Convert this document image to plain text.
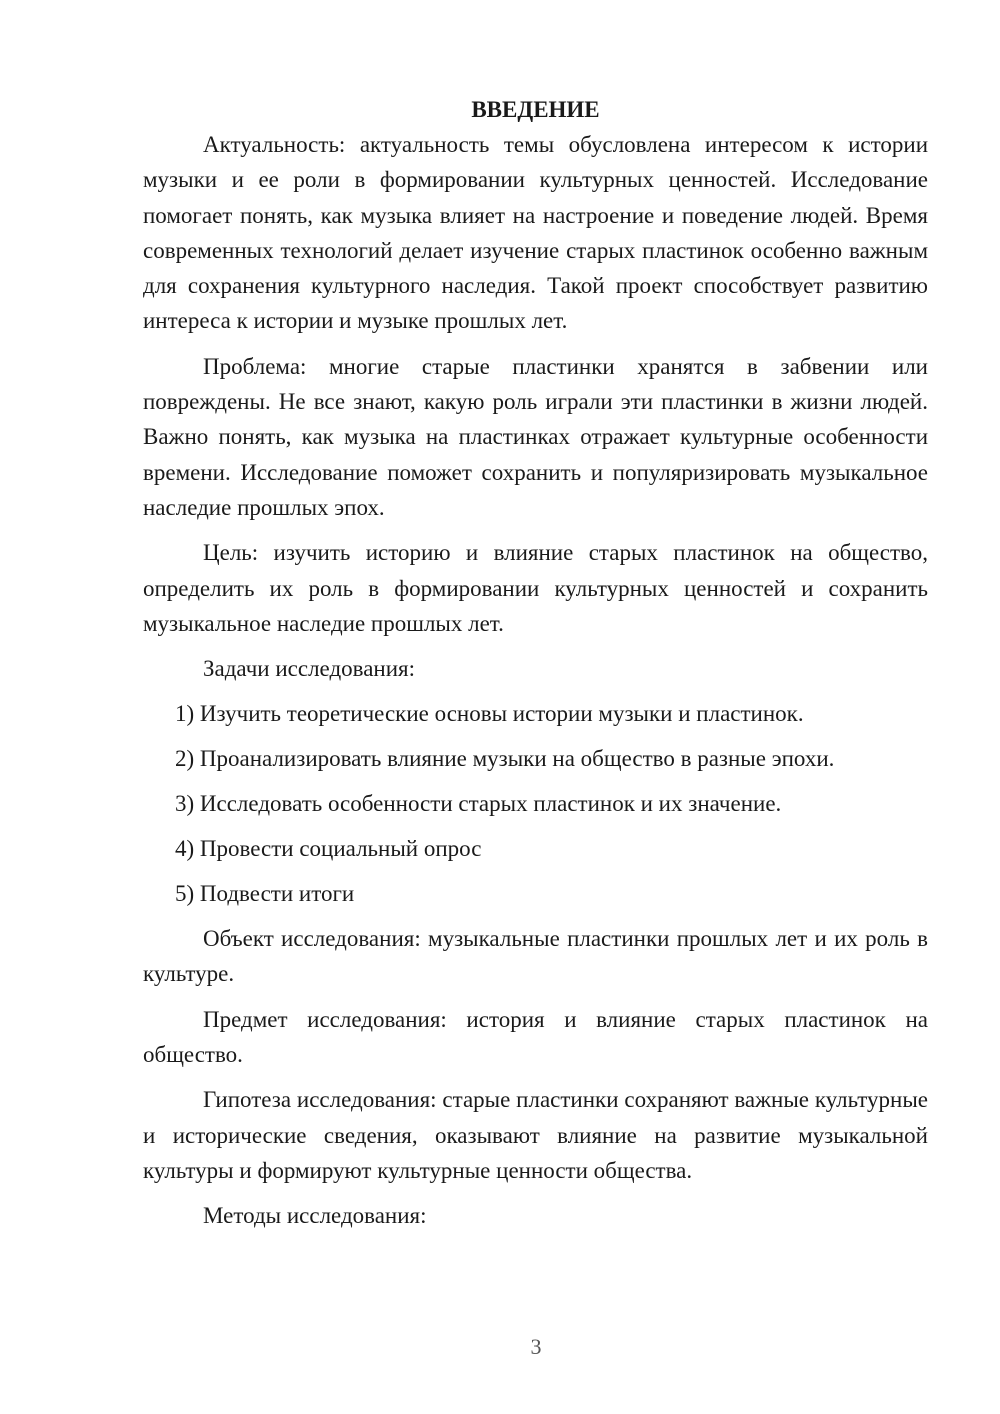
ВВЕДЕНИЕ

Актуальность: актуальность темы обусловлена интересом к истории музыки и ее роли в формировании культурных ценностей. Исследование помогает понять, как музыка влияет на настроение и поведение людей. Время современных технологий делает изучение старых пластинок особенно важным для сохранения культурного наследия. Такой проект способствует развитию интереса к истории и музыке прошлых лет.

Проблема: многие старые пластинки хранятся в забвении или повреждены. Не все знают, какую роль играли эти пластинки в жизни людей. Важно понять, как музыка на пластинках отражает культурные особенности времени. Исследование поможет сохранить и популяризировать музыкальное наследие прошлых эпох.

Цель: изучить историю и влияние старых пластинок на общество, определить их роль в формировании культурных ценностей и сохранить музыкальное наследие прошлых лет.

Задачи исследования:

1) Изучить теоретические основы истории музыки и пластинок.

2) Проанализировать влияние музыки на общество в разные эпохи.

3) Исследовать особенности старых пластинок и их значение.

4) Провести социальный опрос

5) Подвести итоги

Объект исследования: музыкальные пластинки прошлых лет и их роль в культуре.

Предмет исследования: история и влияние старых пластинок на общество.

Гипотеза исследования: старые пластинки сохраняют важные культурные и исторические сведения, оказывают влияние на развитие музыкальной культуры и формируют культурные ценности общества.

Методы исследования:

3
